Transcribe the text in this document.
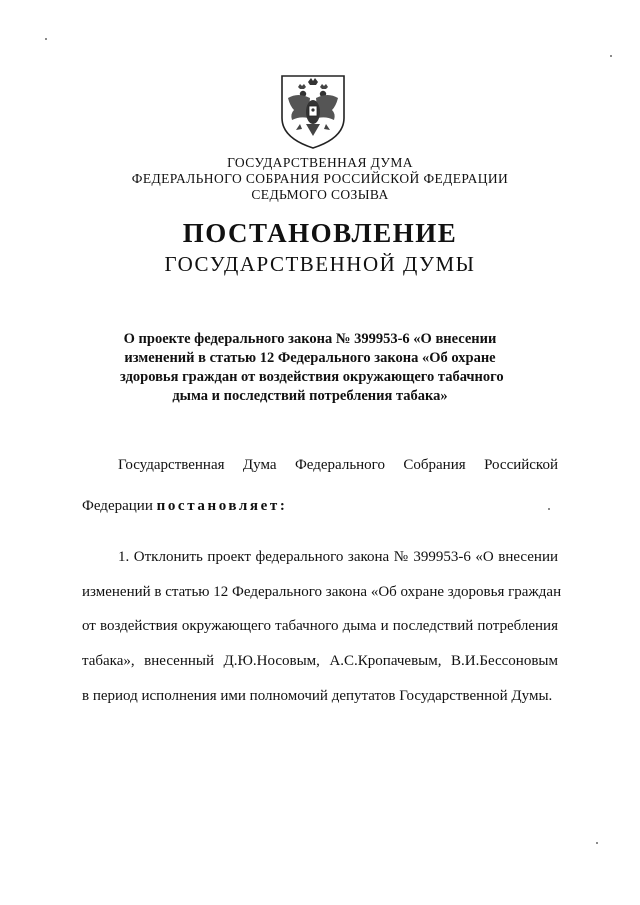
ГОСУДАРСТВЕННАЯ ДУМА
ФЕДЕРАЛЬНОГО СОБРАНИЯ РОССИЙСКОЙ ФЕДЕРАЦИИ
СЕДЬМОГО СОЗЫВА
ПОСТАНОВЛЕНИЕ
ГОСУДАРСТВЕННОЙ ДУМЫ
О проекте федерального закона № 399953-6 «О внесении
изменений в статью 12 Федерального закона «Об охране
здоровья граждан от воздействия окружающего табачного
дыма и последствий потребления табака»
Государственная Дума Федерального Собрания Российской
Федерации постановляет:
1. Отклонить проект федерального закона № 399953-6 «О внесении
изменений в статью 12 Федерального закона «Об охране здоровья граждан
от воздействия окружающего табачного дыма и последствий потребления
табака», внесенный Д.Ю.Носовым, А.С.Кропачевым, В.И.Бессоновым
в период исполнения ими полномочий депутатов Государственной Думы.
